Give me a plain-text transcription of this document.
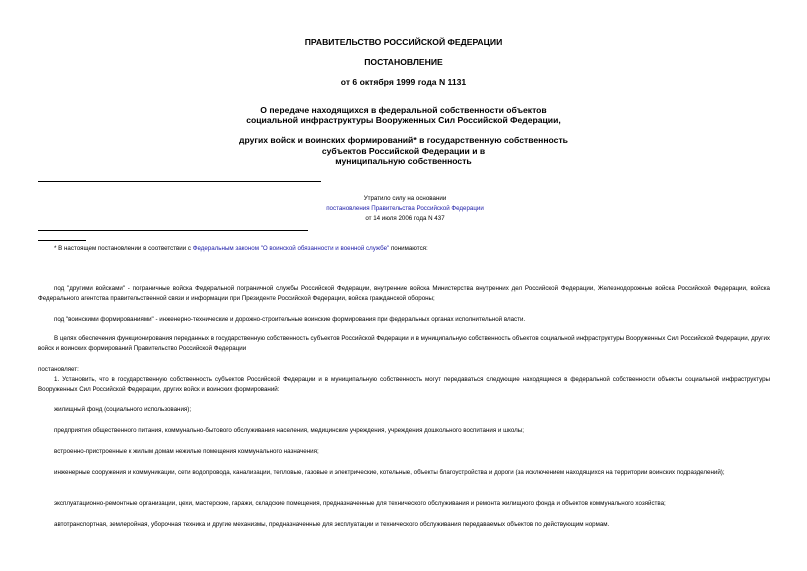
ПРАВИТЕЛЬСТВО РОССИЙСКОЙ ФЕДЕРАЦИИ
ПОСТАНОВЛЕНИЕ
от 6 октября 1999 года N 1131
О передаче находящихся в федеральной собственности объектов
социальной инфраструктуры Вооруженных Сил Российской Федерации,
других войск и воинских формирований* в государственную собственность
субъектов Российской Федерации и в
муниципальную собственность
Утратило силу на основании
постановления Правительства Российской Федерации
от 14 июля 2006 года N 437
* В настоящем постановлении в соответствии с Федеральным законом "О воинской обязанности и военной службе" понимаются:
под "другими войсками" - пограничные войска Федеральной пограничной службы Российской Федерации, внутренние войска Министерства внутренних дел Российской Федерации, Железнодорожные войска Российской Федерации, войска Федерального агентства правительственной связи и информации при Президенте Российской Федерации, войска гражданской обороны;
под "воинскими формированиями" - инженерно-технические и дорожно-строительные воинские формирования при федеральных органах исполнительной власти.
В целях обеспечения функционирования переданных в государственную собственность субъектов Российской Федерации и в муниципальную собственность объектов социальной инфраструктуры Вооруженных Сил Российской Федерации, других войск и воинских формирований Правительство Российской Федерации
постановляет:
1. Установить, что в государственную собственность субъектов Российской Федерации и в муниципальную собственность могут передаваться следующие находящиеся в федеральной собственности объекты социальной инфраструктуры Вооруженных Сил Российской Федерации, других войск и воинских формирований:
жилищный фонд (социального использования);
предприятия общественного питания, коммунально-бытового обслуживания населения, медицинские учреждения, учреждения дошкольного воспитания и школы;
встроенно-пристроенные к жилым домам нежилые помещения коммунального назначения;
инженерные сооружения и коммуникации, сети водопровода, канализации, тепловые, газовые и электрические, котельные, объекты благоустройства и дороги (за исключением находящихся на территории воинских подразделений);
эксплуатационно-ремонтные организации, цехи, мастерские, гаражи, складские помещения, предназначенные для технического обслуживания и ремонта жилищного фонда и объектов коммунального хозяйства;
автотранспортная, землеройная, уборочная техника и другие механизмы, предназначенные для эксплуатации и технического обслуживания передаваемых объектов по действующим нормам.
